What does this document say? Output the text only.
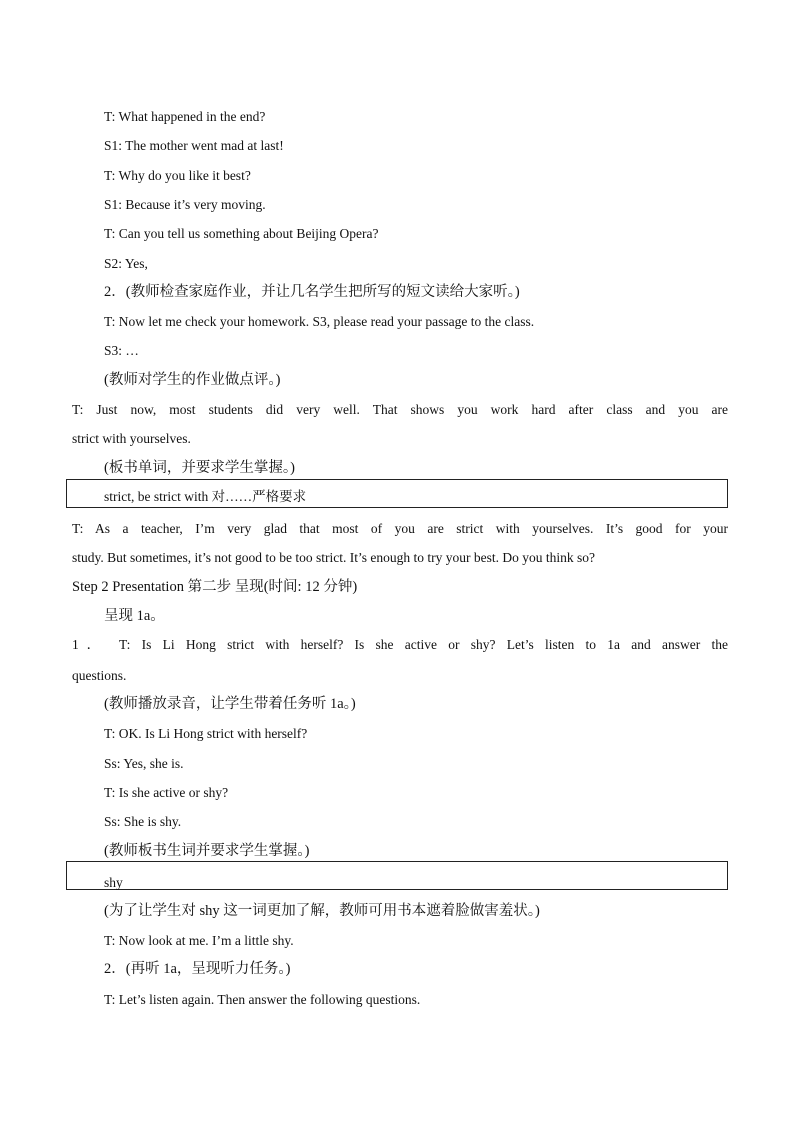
T: What happened in the end?
S1: The mother went mad at last!
T: Why do you like it best?
S1: Because it’s very moving.
T: Can you tell us something about Beijing Opera?
S2: Yes,
2．(教师检查家庭作业，并让几名学生把所写的短文读给大家听。)
T: Now let me check your homework. S3, please read your passage to the class.
S3: …
(教师对学生的作业做点评。)
T: Just now, most students did very well. That shows you work hard after class and you are
strict with yourselves.
(板书单词，并要求学生掌握。)
strict, be strict with 对……严格要求
T: As a teacher, I’m very glad that most of you are strict with yourselves. It’s good for your
study. But sometimes, it’s not good to be too strict. It’s enough to try your best. Do you think so?
Step 2 Presentation 第二步 呈现(时间: 12 分钟)
呈现 1a。
1． T: Is Li Hong strict with herself? Is she active or shy? Let’s listen to 1a and answer the
questions.
(教师播放录音，让学生带着任务听 1a。)
T: OK. Is Li Hong strict with herself?
Ss: Yes, she is.
T: Is she active or shy?
Ss: She is shy.
(教师板书生词并要求学生掌握。)
shy
(为了让学生对 shy 这一词更加了解，教师可用书本遮着脸做害羞状。)
T: Now look at me. I’m a little shy.
2．(再听 1a，呈现听力任务。)
T: Let’s listen again. Then answer the following questions.
